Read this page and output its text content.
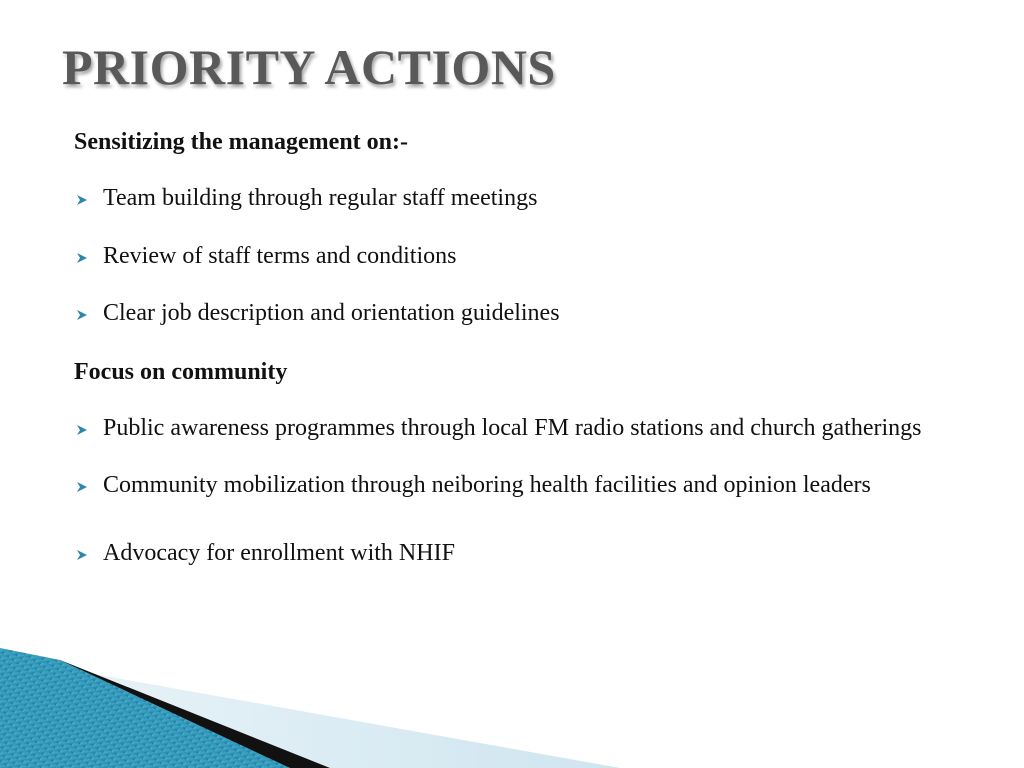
PRIORITY ACTIONS
Sensitizing the management on:-
Team building through regular staff meetings
Review of staff terms and conditions
Clear job description and orientation guidelines
Focus on community
Public awareness programmes through local FM radio stations and church gatherings
Community mobilization through neiboring health facilities and opinion leaders
Advocacy for enrollment with NHIF
